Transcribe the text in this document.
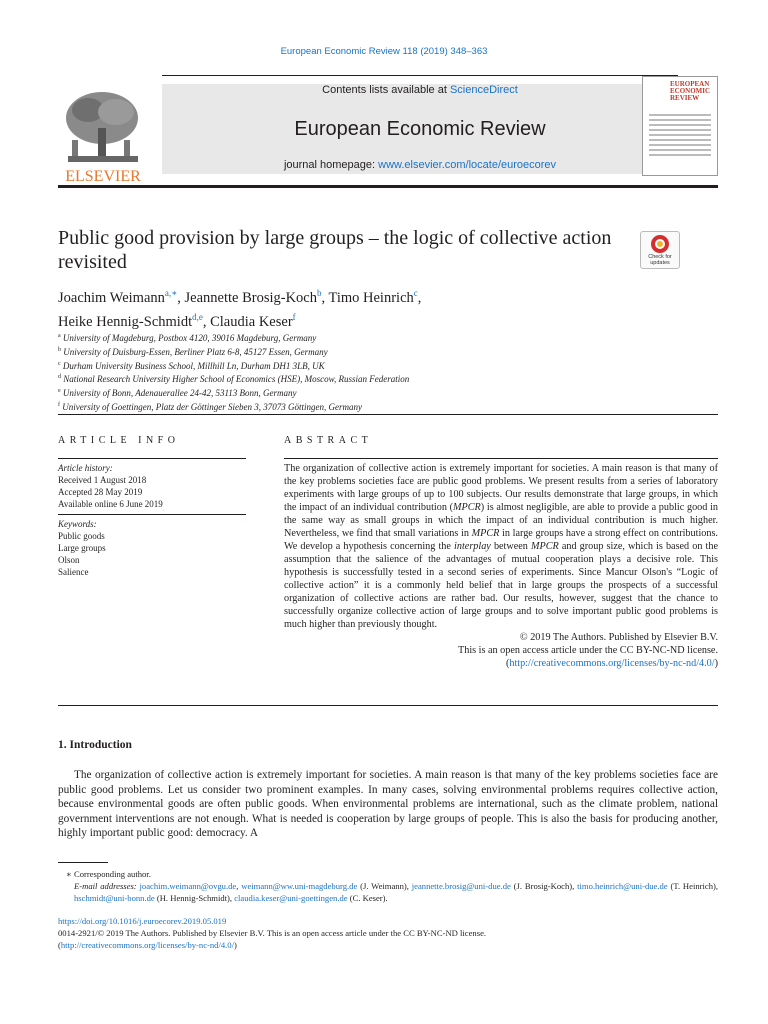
European Economic Review 118 (2019) 348–363
ELSEVIER
Contents lists available at ScienceDirect
European Economic Review
journal homepage: www.elsevier.com/locate/euroecorev
EUROPEAN ECONOMIC REVIEW
Public good provision by large groups – the logic of collective action revisited	Check for updates
Joachim Weimann$^{a,∗}$, Jeannette Brosig-Koch$^b$, Timo Heinrich$^c$,
Heike Hennig-Schmidt$^{d,e}$, Claudia Keser$^f$
$^a$ University of Magdeburg, Postbox 4120, 39016 Magdeburg, Germany
$^b$ University of Duisburg-Essen, Berliner Platz 6-8, 45127 Essen, Germany
$^c$ Durham University Business School, Millhill Ln, Durham DH1 3LB, UK
$^d$ National Research University Higher School of Economics (HSE), Moscow, Russian Federation
$^e$ University of Bonn, Adenauerallee 24-42, 53113 Bonn, Germany
$^f$ University of Goettingen, Platz der Göttinger Sieben 3, 37073 Göttingen, Germany
ARTICLE INFO	ABSTRACT
Article history:
Received 1 August 2018
Accepted 28 May 2019
Available online 6 June 2019
Keywords:
Public goods
Large groups
Olson
Salience
The organization of collective action is extremely important for societies. A main reason is that many of the key problems societies face are public good problems. We present results from a series of laboratory experiments with large groups of up to 100 subjects. Our results demonstrate that large groups, in which the impact of an individual contribution (MPCR) is almost negligible, are able to provide a public good in the same way as small groups in which the impact of an individual contribution is much higher. Nevertheless, we find that small variations in MPCR in large groups have a strong effect on contributions. We develop a hypothesis concerning the interplay between MPCR and group size, which is based on the assumption that the salience of the advantages of mutual cooperation plays a decisive role. This hypothesis is successfully tested in a second series of experiments. Since Mancur Olson's “Logic of collective action” it is a commonly held belief that in large groups the prospects of a successful organization of collective actions are rather bad. Our results, however, suggest that the chance to successfully organize collective action of large groups and to solve important public good problems is much higher than previously thought.
© 2019 The Authors. Published by Elsevier B.V.
This is an open access article under the CC BY-NC-ND license.
(http://creativecommons.org/licenses/by-nc-nd/4.0/)
1. Introduction
The organization of collective action is extremely important for societies. A main reason is that many of the key problems societies face are public good problems. Let us consider two prominent examples. In many cases, solving environmental problems requires collective action, because environmental goods are often public goods. When environmental problems are international, such as the climate problem, national government interventions are not enough. What is needed is cooperation by large groups of people. This is also the basis for producing another, highly important public good: democracy. A
∗ Corresponding author.
E-mail addresses: joachim.weimann@ovgu.de, weimann@ww.uni-magdeburg.de (J. Weimann), jeannette.brosig@uni-due.de (J. Brosig-Koch), timo.heinrich@uni-due.de (T. Heinrich), hschmidt@uni-bonn.de (H. Hennig-Schmidt), claudia.keser@uni-goettingen.de (C. Keser).
https://doi.org/10.1016/j.euroecorev.2019.05.019
0014-2921/© 2019 The Authors. Published by Elsevier B.V. This is an open access article under the CC BY-NC-ND license.
(http://creativecommons.org/licenses/by-nc-nd/4.0/)
